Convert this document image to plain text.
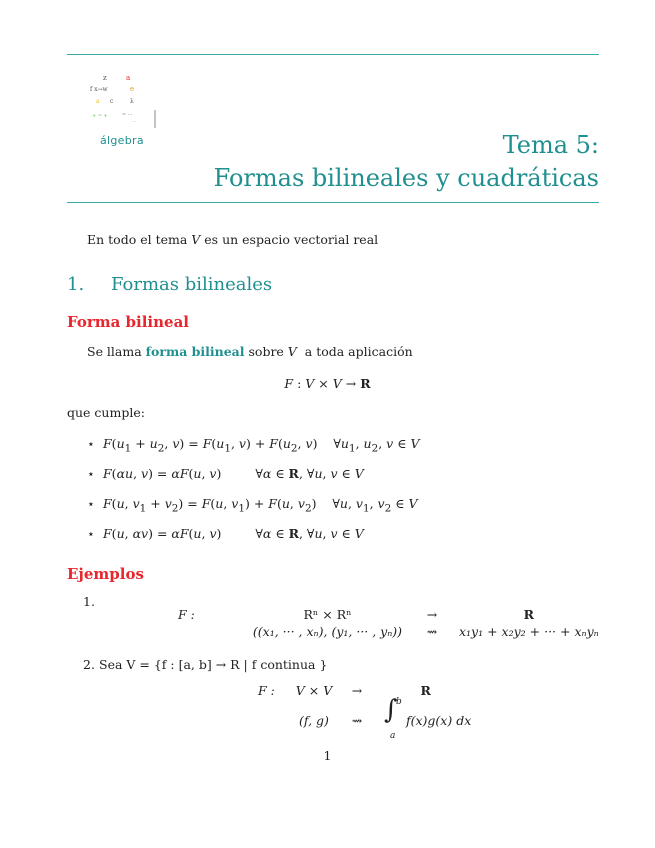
z	a
f x→w	e
a c	λ
+ = +	= ···
···
álgebra	Tema 5:
Formas bilineales y cuadráticas
En todo el tema V es un espacio vectorial real
1. Formas bilineales
Forma bilineal
Se llama forma bilineal sobre V  a toda aplicación
F : V × V → R
que cumple:
⋆ $F(u_1 + u_2$, $v) = F(u_1$, $v) + F(u_2$, v)    $\forall u_1$, $u_2$, v ∈ V
⋆ F(αu, v) = αF(u, v) ∀α ∈ R, ∀u, v ∈ V
⋆ F(u, $v_1 + v_2) = F(u$, $v_1) + F(u$, $v_2$)    ∀u, $v_1$, $v_2$ ∈ V
⋆ F(u, αv) = αF(u, v) ∀α ∈ R, ∀u, v ∈ V
Ejemplos
1.
F :	Rⁿ × Rⁿ	→	R
	((x₁, ··· , xₙ), (y₁, ··· , yₙ))	⇝	x₁y₁ + x₂y₂ + ··· + xₙyₙ
2. Sea V = {f : [a, b] → R | f continua }
F :	V × V	→	R
	(f, g)	⇝	∫
b
a
f(x)g(x) dx
1
